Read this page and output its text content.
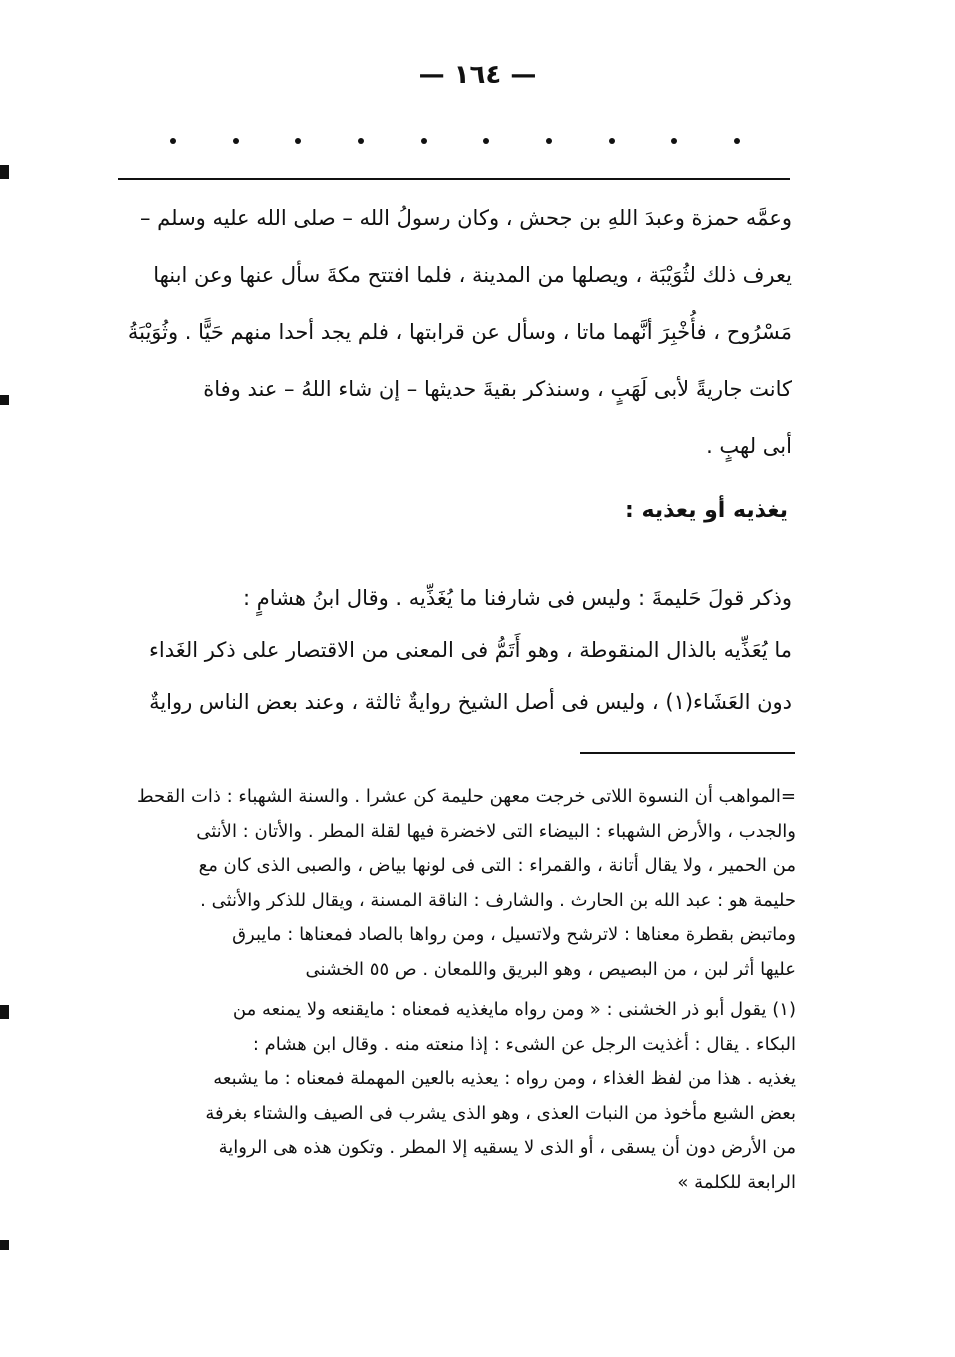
— ١٦٤ —

وعمَّه حمزة وعبدَ اللهِ بن جحش ، وكان رسولُ الله – صلى الله عليه وسلم –

يعرف ذلك لثُوَيْبَة ، ويصلها من المدينة ، فلما افتتح مكةَ سأل عنها وعن ابنها

مَسْرُوح ، فأُخْبِرَ أنَّهما ماتا ، وسأل عن قرابتها ، فلم يجد أحدا منهم حَيًّا . وثُوَيْبَةُ

كانت جاريةً لأبى لَهَبٍ ، وسنذكر بقيةَ حديثها – إن شاء اللهُ – عند وفاة

أبى لهبٍ .

يغذيه أو يعذيه :

وذكر قولَ حَليمةَ : وليس فى شارفنا ما يُغَذِّيه . وقال ابنُ هشامٍ :

ما يُعَذِّيه بالذال المنقوطة ، وهو أَتَمُّ فى المعنى من الاقتصار على ذكر الغَداء

دون العَشَاء(١) ، وليس فى أصل الشيخ روايةٌ ثالثة ، وعند بعض الناس روايةٌ

=المواهب أن النسوة اللاتى خرجت معهن حليمة كن عشرا . والسنة الشهباء : ذات القحط

والجدب ، والأرض الشهباء : البيضاء التى لاخضرة فيها لقلة المطر . والأتان : الأنثى

من الحمير ، ولا يقال أتانة ، والقمراء : التى فى لونها بياض ، والصبى الذى كان مع

حليمة هو : عبد الله بن الحارث . والشارف : الناقة المسنة ، ويقال للذكر والأنثى .

وماتبض بقطرة معناها : لاترشح ولاتسيل ، ومن رواها بالصاد فمعناها : مايبرق

عليها أثر لبن ، من البصيص ، وهو البريق واللمعان . ص ٥٥ الخشنى

(١) يقول أبو ذر الخشنى : « ومن رواه مايغذيه فمعناه : مايقنعه ولا يمنعه من

البكاء . يقال : أغذيت الرجل عن الشىء : إذا منعته منه . وقال ابن هشام :

يغذيه . هذا من لفظ الغذاء ، ومن رواه : يعذيه بالعين المهملة فمعناه : ما يشبعه

بعض الشبع مأخوذ من النبات العذى ، وهو الذى يشرب فى الصيف والشتاء بغرفة

من الأرض دون أن يسقى ، أو الذى لا يسقيه إلا المطر . وتكون هذه هى الرواية

الرابعة للكلمة »
